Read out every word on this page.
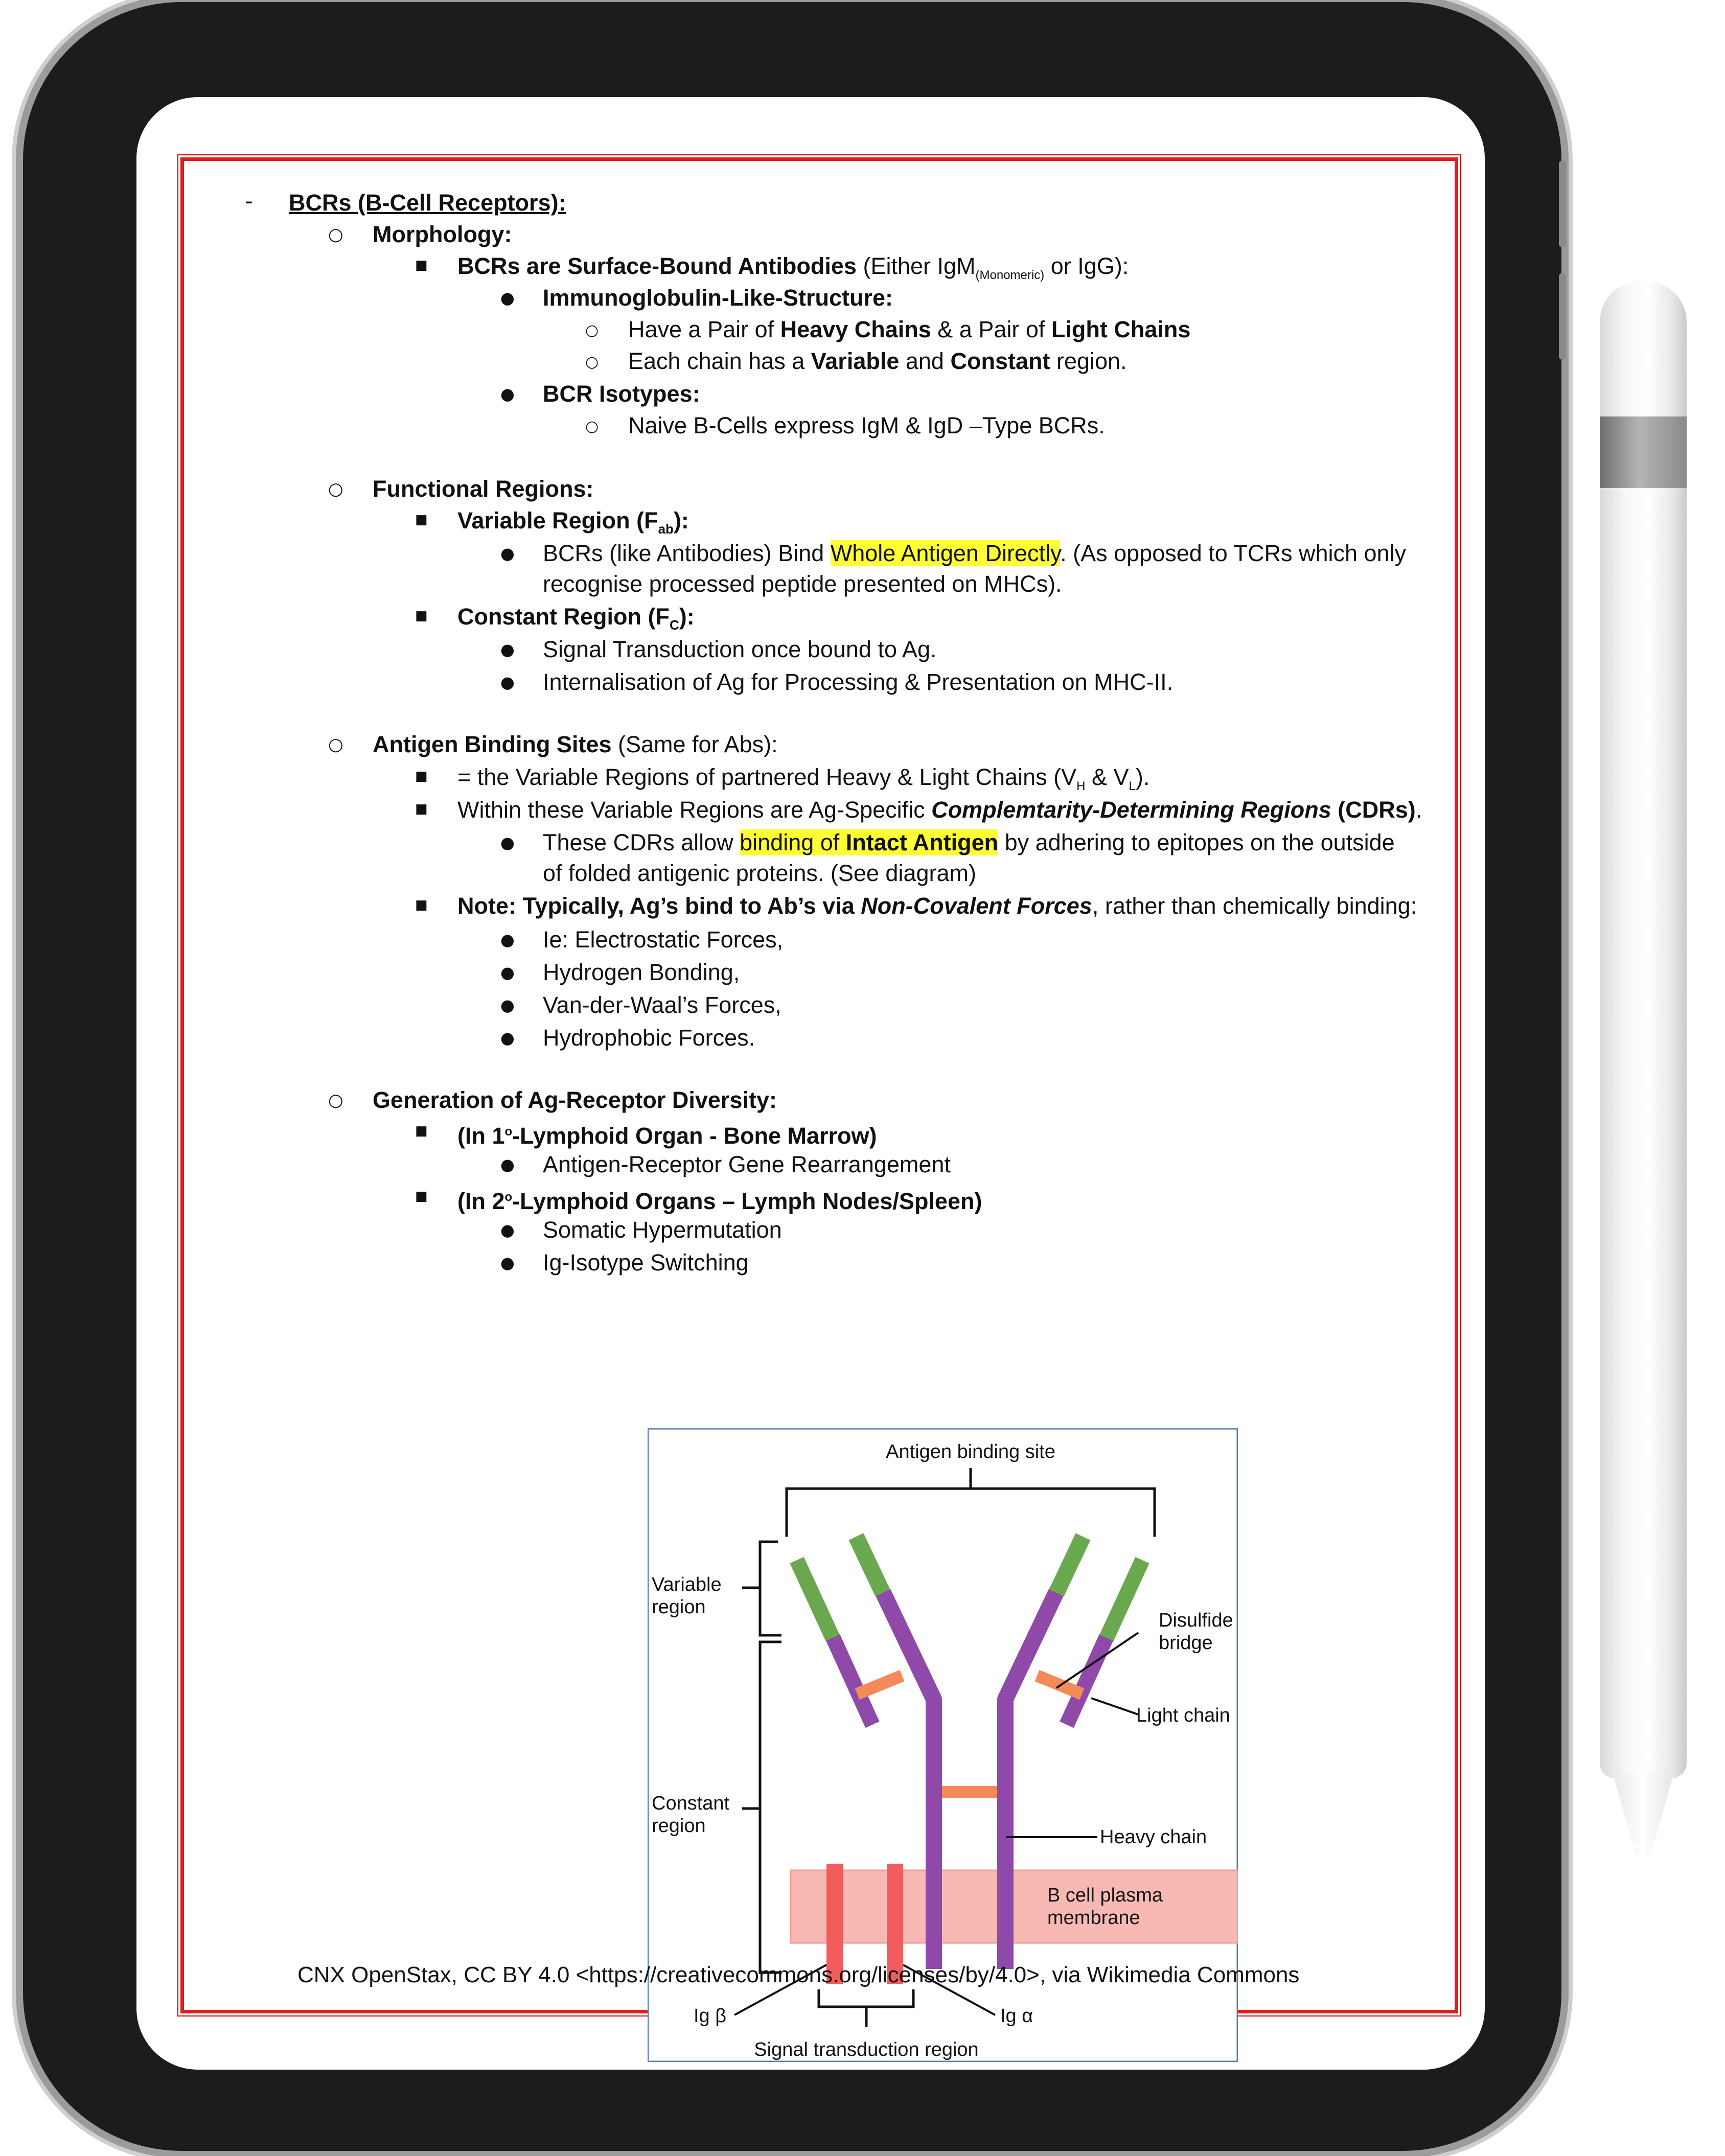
- BCRs (B-Cell Receptors):
○ Morphology:
■ BCRs are Surface-Bound Antibodies (Either IgM$_{(Monomeric)}$ or IgG):
● Immunoglobulin-Like-Structure:
○ Have a Pair of Heavy Chains & a Pair of Light Chains
○ Each chain has a Variable and Constant region.
● BCR Isotypes:
○ Naive B-Cells express IgM & IgD –Type BCRs.
○ Functional Regions:
■ Variable Region $(F_{ab})$:
● BCRs (like Antibodies) Bind Whole Antigen Directly. (As opposed to TCRs which only
recognise processed peptide presented on MHCs).
■ Constant Region $(F_C)$:
● Signal Transduction once bound to Ag.
● Internalisation of Ag for Processing & Presentation on MHC-II.
○ Antigen Binding Sites (Same for Abs):
■ = the Variable Regions of partnered Heavy & Light Chains ($V_H$ & $V_L$).
■ Within these Variable Regions are Ag-Specific Complemtarity-Determining Regions (CDRs).
● These CDRs allow binding of Intact Antigen by adhering to epitopes on the outside
of folded antigenic proteins. (See diagram)
■ Note: Typically, Ag’s bind to Ab’s via Non-Covalent Forces, rather than chemically binding:
● Ie: Electrostatic Forces,
● Hydrogen Bonding,
● Van-der-Waal’s Forces,
● Hydrophobic Forces.
○ Generation of Ag-Receptor Diversity:
■ (In 1$^o$-Lymphoid Organ - Bone Marrow)
● Antigen-Receptor Gene Rearrangement
■ (In 2$^o$-Lymphoid Organs – Lymph Nodes/Spleen)
● Somatic Hypermutation
● Ig-Isotype Switching
Antigen binding site
Variable
region
Disulfide
bridge
Light chain
Constant
region
Heavy chain
B cell plasma
membrane
Ig β	Ig α
Signal transduction region
CNX OpenStax, CC BY 4.0 <https://creativecommons.org/licenses/by/4.0>, via Wikimedia Commons
